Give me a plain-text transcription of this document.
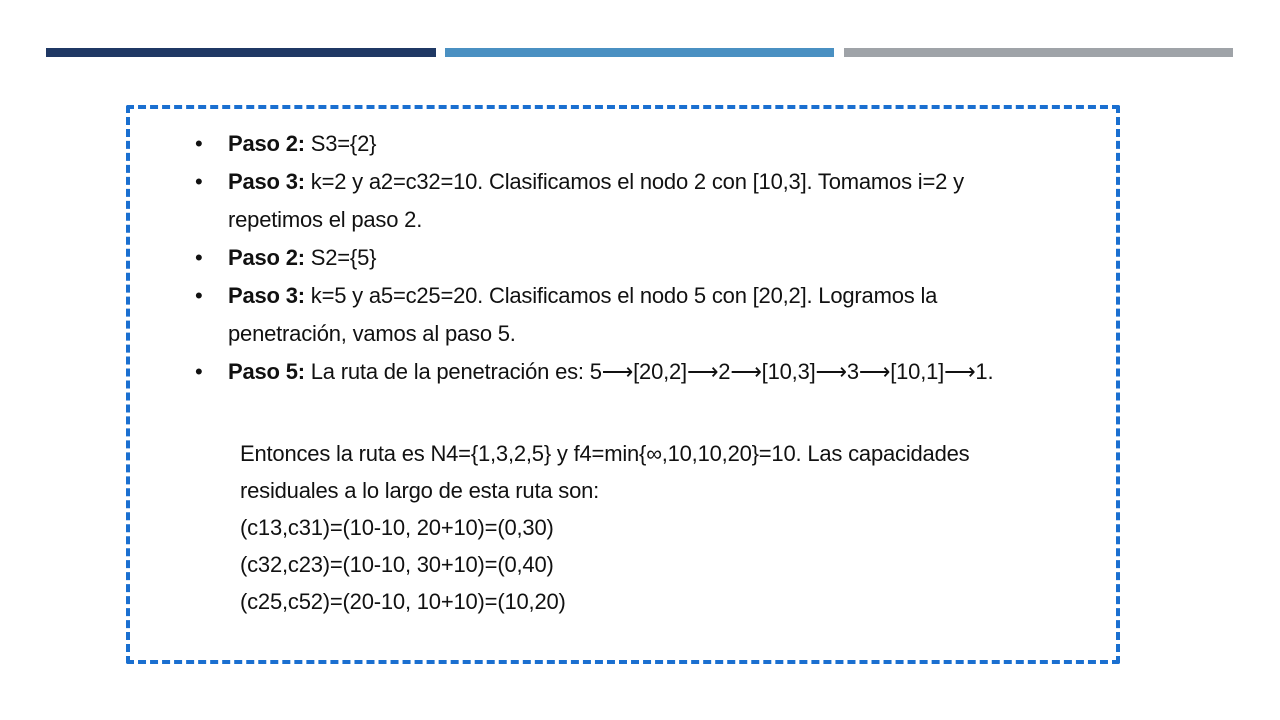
• Paso 2: S3={2}
• Paso 3: k=2 y a2=c32=10. Clasificamos el nodo 2 con [10,3]. Tomamos i=2 y repetimos el paso 2.
• Paso 2: S2={5}
• Paso 3: k=5 y a5=c25=20. Clasificamos el nodo 5 con [20,2]. Logramos la penetración, vamos al paso 5.
• Paso 5: La ruta de la penetración es: 5⟶[20,2]⟶2⟶[10,3]⟶3⟶[10,1]⟶1.
Entonces la ruta es N4={1,3,2,5} y f4=min{∞,10,10,20}=10. Las capacidades
residuales a lo largo de esta ruta son:
(c13,c31)=(10-10, 20+10)=(0,30)
(c32,c23)=(10-10, 30+10)=(0,40)
(c25,c52)=(20-10, 10+10)=(10,20)
